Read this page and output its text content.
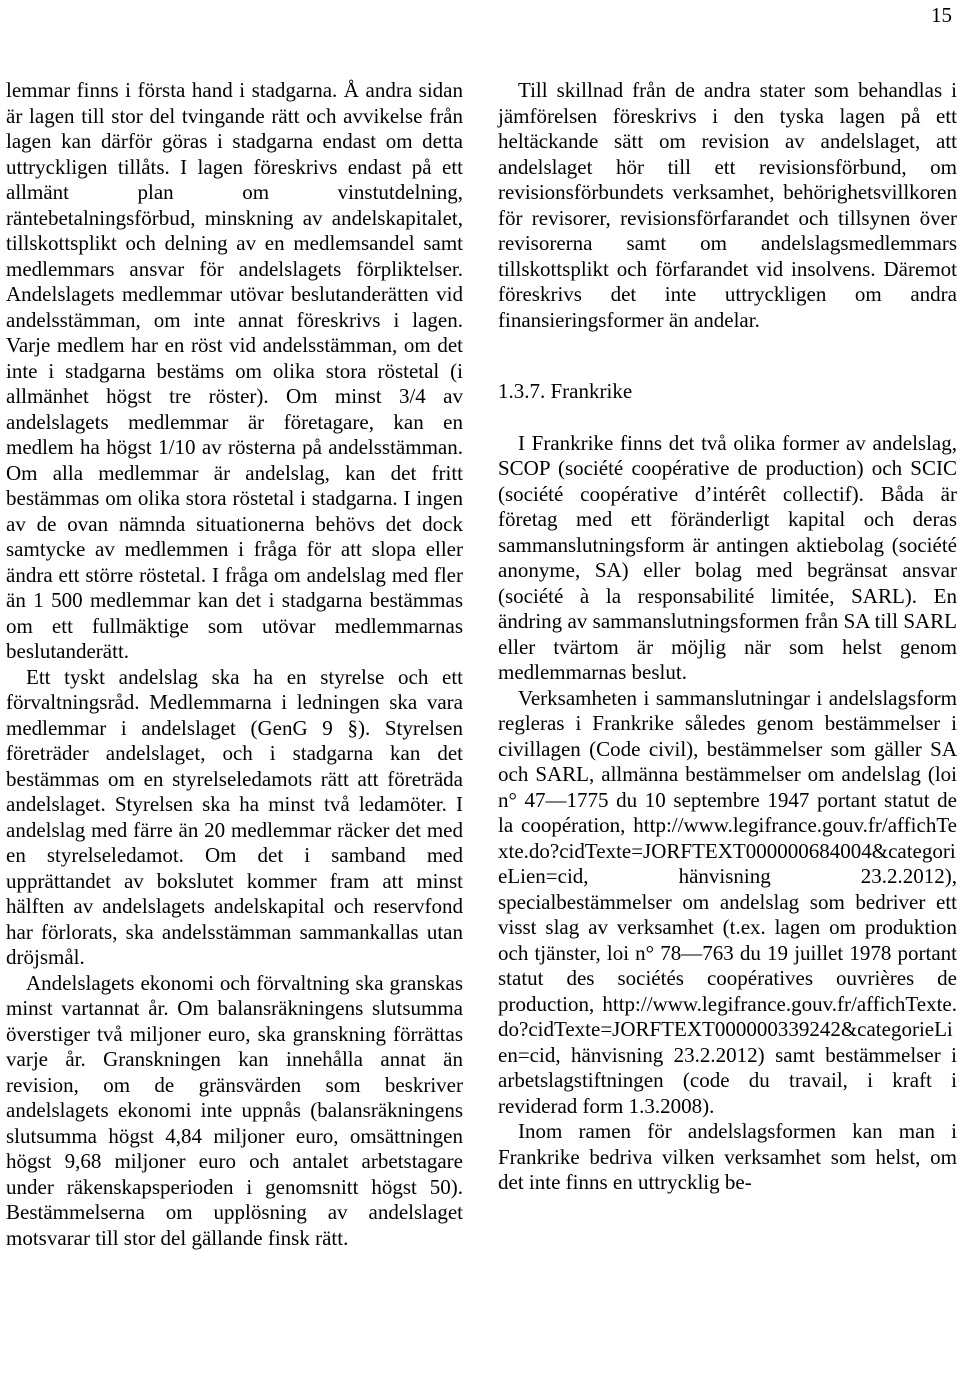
15

lemmar finns i första hand i stadgarna. Å andra sidan är lagen till stor del tvingande rätt och avvikelse från lagen kan därför göras i stadgarna endast om detta uttryckligen tillåts. I lagen föreskrivs endast på ett allmänt plan om vinstutdelning, räntebetalningsförbud, minskning av andelskapitalet, tillskottsplikt och delning av en medlemsandel samt medlemmars ansvar för andelslagets förpliktelser. Andelslagets medlemmar utövar beslutanderätten vid andelsstämman, om inte annat föreskrivs i lagen. Varje medlem har en röst vid andelsstämman, om det inte i stadgarna bestäms om olika stora röstetal (i allmänhet högst tre röster). Om minst 3/4 av andelslagets medlemmar är företagare, kan en medlem ha högst 1/10 av rösterna på andelsstämman. Om alla medlemmar är andelslag, kan det fritt bestämmas om olika stora röstetal i stadgarna. I ingen av de ovan nämnda situationerna behövs det dock samtycke av medlemmen i fråga för att slopa eller ändra ett större röstetal. I fråga om andelslag med fler än 1 500 medlemmar kan det i stadgarna bestämmas om ett fullmäktige som utövar medlemmarnas beslutanderätt.

Ett tyskt andelslag ska ha en styrelse och ett förvaltningsråd. Medlemmarna i ledningen ska vara medlemmar i andelslaget (GenG 9 §). Styrelsen företräder andelslaget, och i stadgarna kan det bestämmas om en styrelseledamots rätt att företräda andelslaget. Styrelsen ska ha minst två ledamöter. I andelslag med färre än 20 medlemmar räcker det med en styrelseledamot. Om det i samband med upprättandet av bokslutet kommer fram att minst hälften av andelslagets andelskapital och reservfond har förlorats, ska andelsstämman sammankallas utan dröjsmål.

Andelslagets ekonomi och förvaltning ska granskas minst vartannat år. Om balansräkningens slutsumma överstiger två miljoner euro, ska granskning förrättas varje år. Granskningen kan innehålla annat än revision, om de gränsvärden som beskriver andelslagets ekonomi inte uppnås (balansräkningens slutsumma högst 4,84 miljoner euro, omsättningen högst 9,68 miljoner euro och antalet arbetstagare under räkenskapsperioden i genomsnitt högst 50). Bestämmelserna om upplösning av andelslaget motsvarar till stor del gällande finsk rätt.

Till skillnad från de andra stater som behandlas i jämförelsen föreskrivs i den tyska lagen på ett heltäckande sätt om revision av andelslaget, att andelslaget hör till ett revisionsförbund, om revisionsförbundets verksamhet, behörighetsvillkoren för revisorer, revisionsförfarandet och tillsynen över revisorerna samt om andelslagsmedlemmars tillskottsplikt och förfarandet vid insolvens. Däremot föreskrivs det inte uttryckligen om andra finansieringsformer än andelar.

1.3.7. Frankrike

I Frankrike finns det två olika former av andelslag, SCOP (société coopérative de production) och SCIC (société coopérative d’intérêt collectif). Båda är företag med ett föränderligt kapital och deras sammanslutningsform är antingen aktiebolag (société anonyme, SA) eller bolag med begränsat ansvar (société à la responsabilité limitée, SARL). En ändring av sammanslutningsformen från SA till SARL eller tvärtom är möjlig när som helst genom medlemmarnas beslut.

Verksamheten i sammanslutningar i andelslagsform regleras i Frankrike således genom bestämmelser i civillagen (Code civil), bestämmelser som gäller SA och SARL, allmänna bestämmelser om andelslag (loi n° 47—1775 du 10 septembre 1947 portant statut de la coopération, http://www.legifrance.gouv.fr/affichTexte.do?cidTexte=JORFTEXT000000684004&categorieLien=cid,	hänvisning 23.2.2012), specialbestämmelser om andelslag som bedriver ett visst slag av verksamhet (t.ex. lagen om produktion och tjänster, loi n° 78—763 du 19 juillet 1978 portant statut des sociétés coopératives ouvrières de production, http://www.legifrance.gouv.fr/affichTexte.do?cidTexte=JORFTEXT000000339242&categorieLien=cid, hänvisning 23.2.2012) samt bestämmelser i arbetslagstiftningen (code du travail, i kraft i reviderad form 1.3.2008).

Inom ramen för andelslagsformen kan man i Frankrike bedriva vilken verksamhet som helst, om det inte finns en uttrycklig be-
